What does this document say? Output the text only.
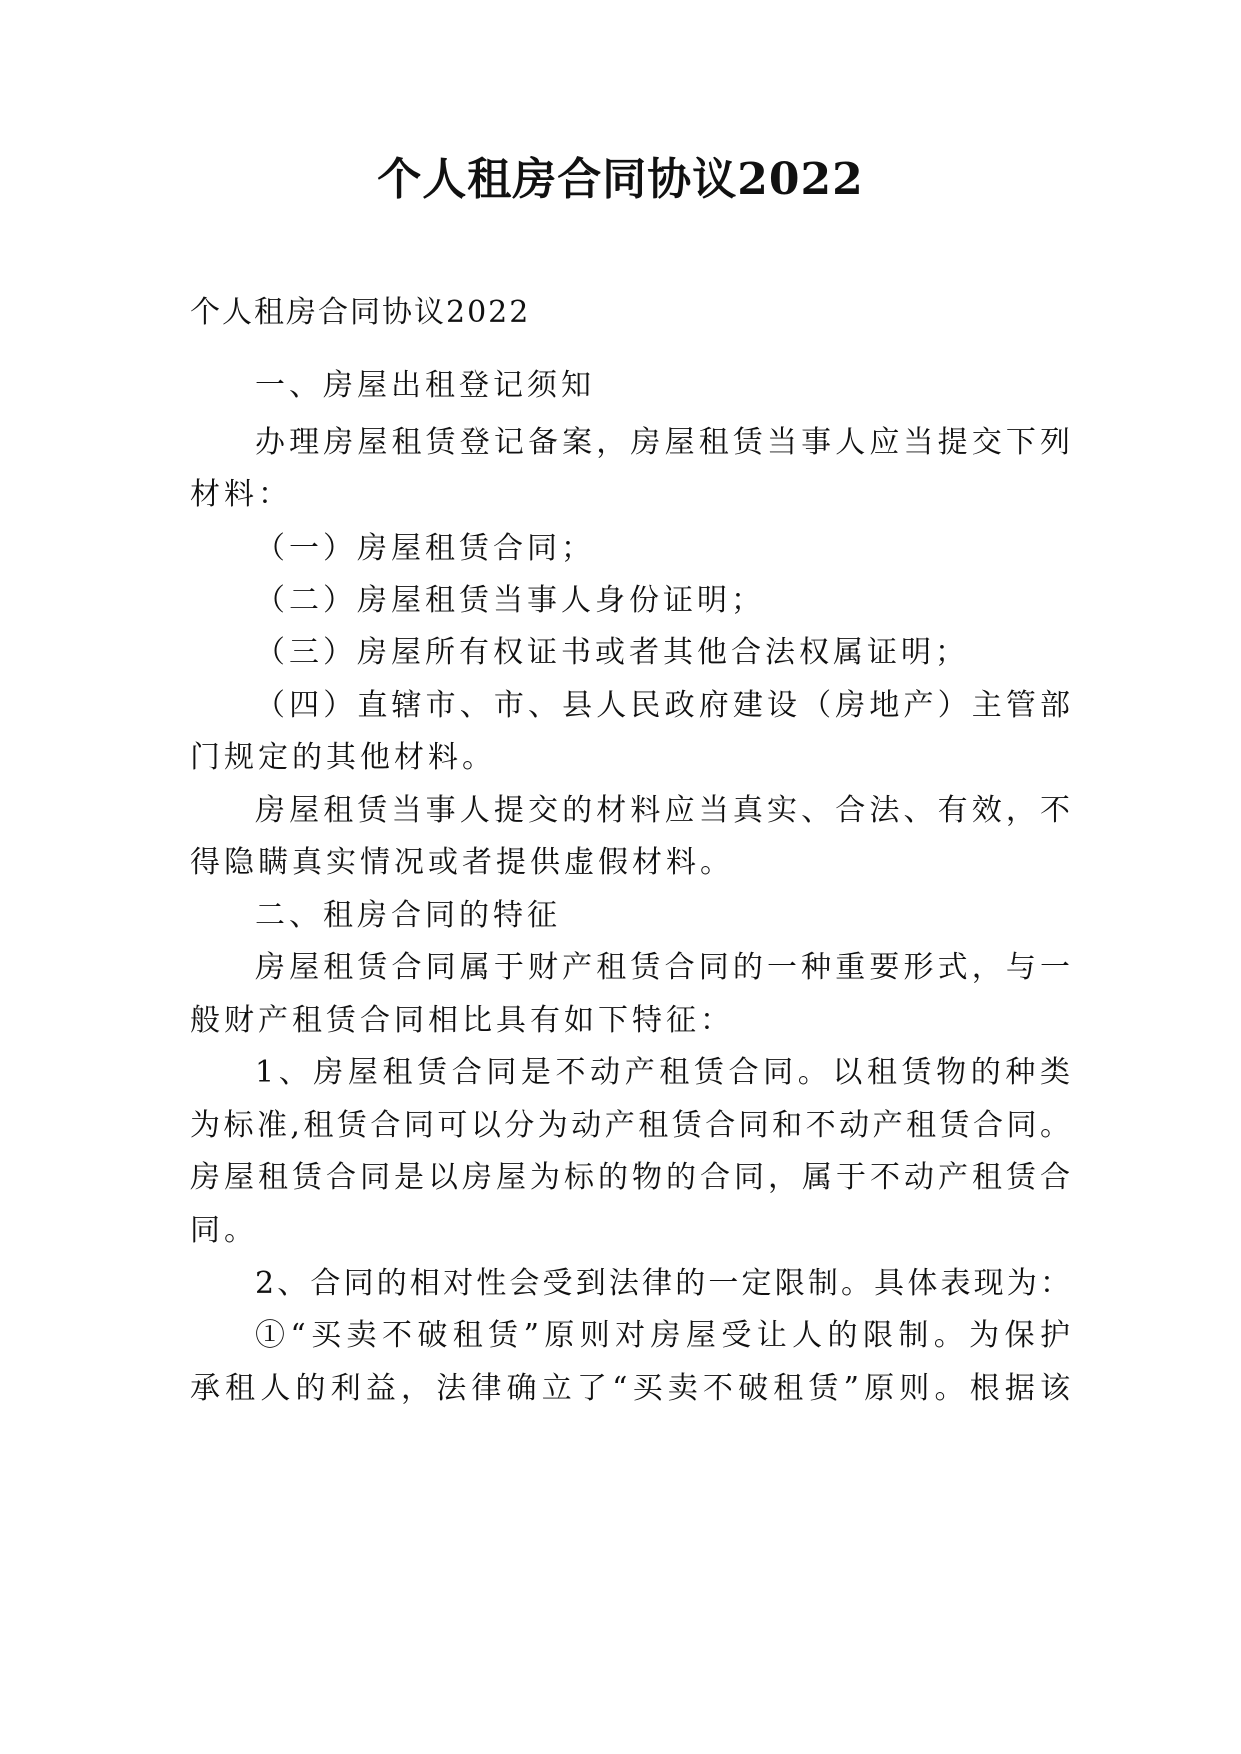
个人租房合同协议2022
个人租房合同协议2022
一、房屋出租登记须知
办理房屋租赁登记备案，房屋租赁当事人应当提交下列
材料：
（一）房屋租赁合同；
（二）房屋租赁当事人身份证明；
（三）房屋所有权证书或者其他合法权属证明；
（四）直辖市、市、县人民政府建设（房地产）主管部
门规定的其他材料。
房屋租赁当事人提交的材料应当真实、合法、有效，不
得隐瞒真实情况或者提供虚假材料。
二、租房合同的特征
房屋租赁合同属于财产租赁合同的一种重要形式，与一
般财产租赁合同相比具有如下特征：
1、房屋租赁合同是不动产租赁合同。以租赁物的种类
为标准,租赁合同可以分为动产租赁合同和不动产租赁合同。
房屋租赁合同是以房屋为标的物的合同，属于不动产租赁合
同。
2、合同的相对性会受到法律的一定限制。具体表现为：
①“买卖不破租赁”原则对房屋受让人的限制。为保护
承租人的利益，法律确立了“买卖不破租赁”原则。根据该
